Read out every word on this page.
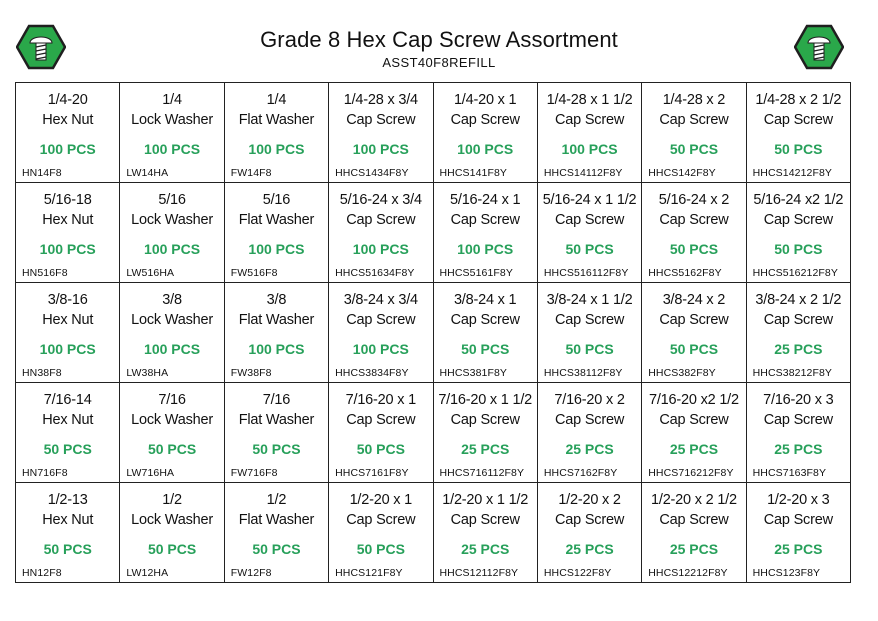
Grade 8 Hex Cap Screw Assortment
ASST40F8REFILL
1/4-20
Hex Nut
100 PCS
HN14F8
1/4
Lock Washer
100 PCS
LW14HA
1/4
Flat Washer
100 PCS
FW14F8
1/4-28 x 3/4
Cap Screw
100 PCS
HHCS1434F8Y
1/4-20 x 1
Cap Screw
100 PCS
HHCS141F8Y
1/4-28 x 1 1/2
Cap Screw
100 PCS
HHCS14112F8Y
1/4-28 x 2
Cap Screw
50 PCS
HHCS142F8Y
1/4-28 x 2 1/2
Cap Screw
50 PCS
HHCS14212F8Y
5/16-18
Hex Nut
100 PCS
HN516F8
5/16
Lock Washer
100 PCS
LW516HA
5/16
Flat Washer
100 PCS
FW516F8
5/16-24 x 3/4
Cap Screw
100 PCS
HHCS51634F8Y
5/16-24 x 1
Cap Screw
100 PCS
HHCS5161F8Y
5/16-24 x 1 1/2
Cap Screw
50 PCS
HHCS516112F8Y
5/16-24 x 2
Cap Screw
50 PCS
HHCS5162F8Y
5/16-24 x2 1/2
Cap Screw
50 PCS
HHCS516212F8Y
3/8-16
Hex Nut
100 PCS
HN38F8
3/8
Lock Washer
100 PCS
LW38HA
3/8
Flat Washer
100 PCS
FW38F8
3/8-24 x 3/4
Cap Screw
100 PCS
HHCS3834F8Y
3/8-24 x 1
Cap Screw
50 PCS
HHCS381F8Y
3/8-24 x 1 1/2
Cap Screw
50 PCS
HHCS38112F8Y
3/8-24 x 2
Cap Screw
50 PCS
HHCS382F8Y
3/8-24 x 2 1/2
Cap Screw
25 PCS
HHCS38212F8Y
7/16-14
Hex Nut
50 PCS
HN716F8
7/16
Lock Washer
50 PCS
LW716HA
7/16
Flat Washer
50 PCS
FW716F8
7/16-20 x 1
Cap Screw
50 PCS
HHCS7161F8Y
7/16-20 x 1 1/2
Cap Screw
25 PCS
HHCS716112F8Y
7/16-20 x 2
Cap Screw
25 PCS
HHCS7162F8Y
7/16-20 x2 1/2
Cap Screw
25 PCS
HHCS716212F8Y
7/16-20 x 3
Cap Screw
25 PCS
HHCS7163F8Y
1/2-13
Hex Nut
50 PCS
HN12F8
1/2
Lock Washer
50 PCS
LW12HA
1/2
Flat Washer
50 PCS
FW12F8
1/2-20 x 1
Cap Screw
50 PCS
HHCS121F8Y
1/2-20 x 1 1/2
Cap Screw
25 PCS
HHCS12112F8Y
1/2-20 x 2
Cap Screw
25 PCS
HHCS122F8Y
1/2-20 x 2 1/2
Cap Screw
25 PCS
HHCS12212F8Y
1/2-20 x 3
Cap Screw
25 PCS
HHCS123F8Y
